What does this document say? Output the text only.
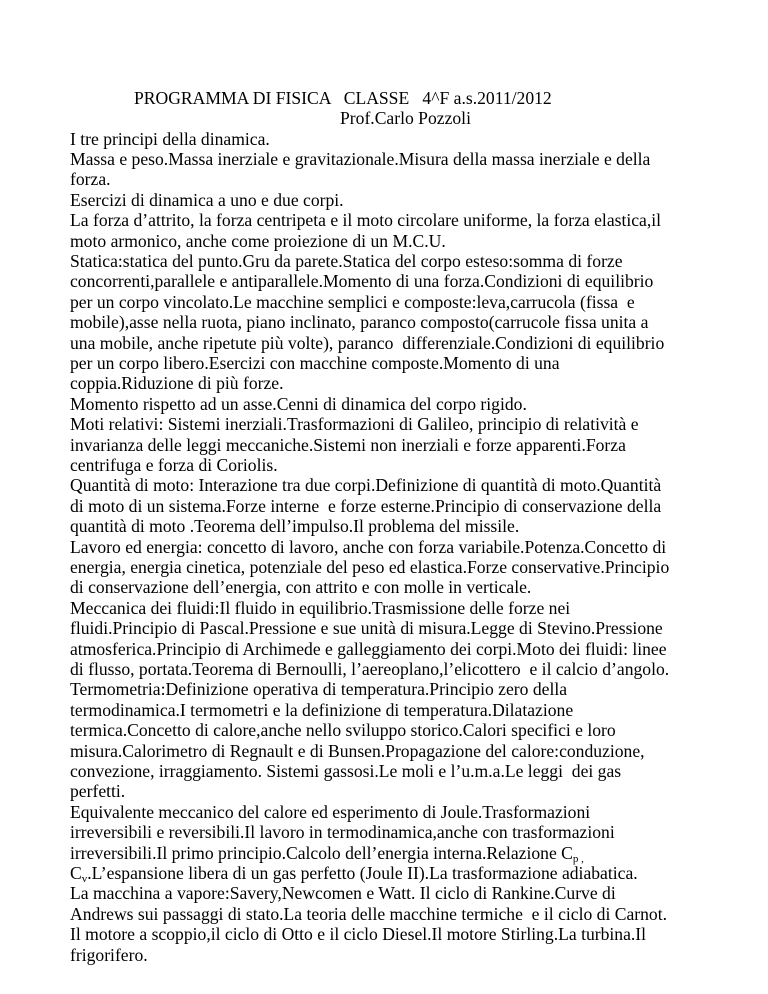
PROGRAMMA DI FISICA   CLASSE   4^F a.s.2011/2012
Prof.Carlo Pozzoli
I tre principi della dinamica.
Massa e peso.Massa inerziale e gravitazionale.Misura della massa inerziale e della
forza.
Esercizi di dinamica a uno e due corpi.
La forza d’attrito, la forza centripeta e il moto circolare uniforme, la forza elastica,il
moto armonico, anche come proiezione di un M.C.U.
Statica:statica del punto.Gru da parete.Statica del corpo esteso:somma di forze
concorrenti,parallele e antiparallele.Momento di una forza.Condizioni di equilibrio
per un corpo vincolato.Le macchine semplici e composte:leva,carrucola (fissa  e
mobile),asse nella ruota, piano inclinato, paranco composto(carrucole fissa unita a
una mobile, anche ripetute più volte), paranco  differenziale.Condizioni di equilibrio
per un corpo libero.Esercizi con macchine composte.Momento di una
coppia.Riduzione di più forze.
Momento rispetto ad un asse.Cenni di dinamica del corpo rigido.
Moti relativi: Sistemi inerziali.Trasformazioni di Galileo, principio di relatività e
invarianza delle leggi meccaniche.Sistemi non inerziali e forze apparenti.Forza
centrifuga e forza di Coriolis.
Quantità di moto: Interazione tra due corpi.Definizione di quantità di moto.Quantità
di moto di un sistema.Forze interne  e forze esterne.Principio di conservazione della
quantità di moto .Teorema dell’impulso.Il problema del missile.
Lavoro ed energia: concetto di lavoro, anche con forza variabile.Potenza.Concetto di
energia, energia cinetica, potenziale del peso ed elastica.Forze conservative.Principio
di conservazione dell’energia, con attrito e con molle in verticale.
Meccanica dei fluidi:Il fluido in equilibrio.Trasmissione delle forze nei
fluidi.Principio di Pascal.Pressione e sue unità di misura.Legge di Stevino.Pressione
atmosferica.Principio di Archimede e galleggiamento dei corpi.Moto dei fluidi: linee
di flusso, portata.Teorema di Bernoulli, l’aereoplano,l’elicottero  e il calcio d’angolo.
Termometria:Definizione operativa di temperatura.Principio zero della
termodinamica.I termometri e la definizione di temperatura.Dilatazione
termica.Concetto di calore,anche nello sviluppo storico.Calori specifici e loro
misura.Calorimetro di Regnault e di Bunsen.Propagazione del calore:conduzione,
convezione, irraggiamento. Sistemi gassosi.Le moli e l’u.m.a.Le leggi  dei gas
perfetti.
Equivalente meccanico del calore ed esperimento di Joule.Trasformazioni
irreversibili e reversibili.Il lavoro in termodinamica,anche con trasformazioni
irreversibili.Il primo principio.Calcolo dell’energia interna.Relazione $C_{p ,}$
$C_v.L’espansione$ libera di un gas perfetto (Joule II).La trasformazione adiabatica.
La macchina a vapore:Savery,Newcomen e Watt. Il ciclo di Rankine.Curve di
Andrews sui passaggi di stato.La teoria delle macchine termiche  e il ciclo di Carnot.
Il motore a scoppio,il ciclo di Otto e il ciclo Diesel.Il motore Stirling.La turbina.Il
frigorifero.
